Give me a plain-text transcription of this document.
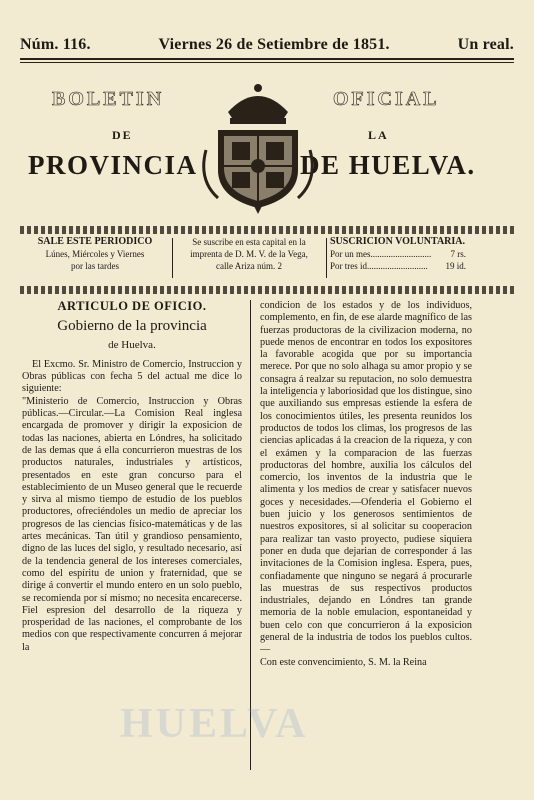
Núm. 116.	Viernes 26 de Setiembre de 1851.	Un real.
BOLETIN	OFICIAL
DE	LA
PROVINCIA	DE HUELVA.
SALE ESTE PERIODICO
Lúnes, Miércoles y Viernes
por las tardes
Se suscribe en esta capital en la
imprenta de D. M. V. de la Vega,
calle Ariza núm. 2
SUSCRICION VOLUNTARIA.
Por un mes........................... 7 rs.
Por tres id........................... 19 id.
ARTICULO DE OFICIO.
Gobierno de la provincia
de Huelva.

El Excmo. Sr. Ministro de Comercio, Instruccion y Obras públicas con fecha 5 del actual me dice lo siguiente:
"Ministerio de Comercio, Instruccion y Obras públicas.—Circular.—La Comision Real inglesa encargada de promover y dirigir la exposicion de todas las naciones, abierta en Lóndres, ha solicitado de las demas que á ella concurrieron muestras de los productos naturales, industriales y artísticos, presentados en este gran concurso para el establecimiento de un Museo general que le recuerde y sirva al mismo tiempo de estudio de los pueblos productores, ofreciéndoles un medio de apreciar los progresos de las ciencias físico-matemáticas y de las artes mecánicas. Tan útil y grandioso pensamiento, digno de las luces del siglo, y resultado necesario, así de la tendencia general de los intereses comerciales, como del espíritu de union y fraternidad, que se dirige á convertir el mundo entero en un solo pueblo, se recomienda por sí mismo; no necesita encarecerse. Fiel espresion del desarrollo de la riqueza y prosperidad de las naciones, el comprobante de los medios con que respectivamente concurren á mejorar la

condicion de los estados y de los individuos, complemento, en fin, de ese alarde magnífico de las fuerzas productoras de la civilizacion moderna, no puede menos de encontrar en todos los expositores la favorable acogida que por su importancia merece. Por que no solo alhaga su amor propio y se consagra á realzar su reputacion, no solo demuestra la inteligencia y laboriosidad que los distingue, sino que auxiliando sus empresas estiende la esfera de los conocimientos útiles, les presenta reunidos los productos de todos los climas, los progresos de las ciencias aplicadas á la creacion de la riqueza, y con el exámen y la comparacion de las fuerzas productoras del hombre, auxilia los cálculos del comercio, los inventos de la industria que le alimenta y los medios de crear y satisfacer nuevos goces y necesidades.—Ofenderia el Gobierno el buen juicio y los generosos sentimientos de nuestros expositores, si al solicitar su cooperacion para realizar tan vasto proyecto, pudiese siquiera poner en duda que dejarian de corresponder á las invitaciones de la Comision inglesa. Espera, pues, confiadamente que ninguno se negará á procurarle las muestras de sus respectivos productos industriales, dejando en Lóndres tan grande memoria de la noble emulacion, espontaneidad y buen celo con que concurrieron á la exposicion general de la industria de todos los pueblos cultos.—
Con este convencimiento, S. M. la Reina

HUELVA
